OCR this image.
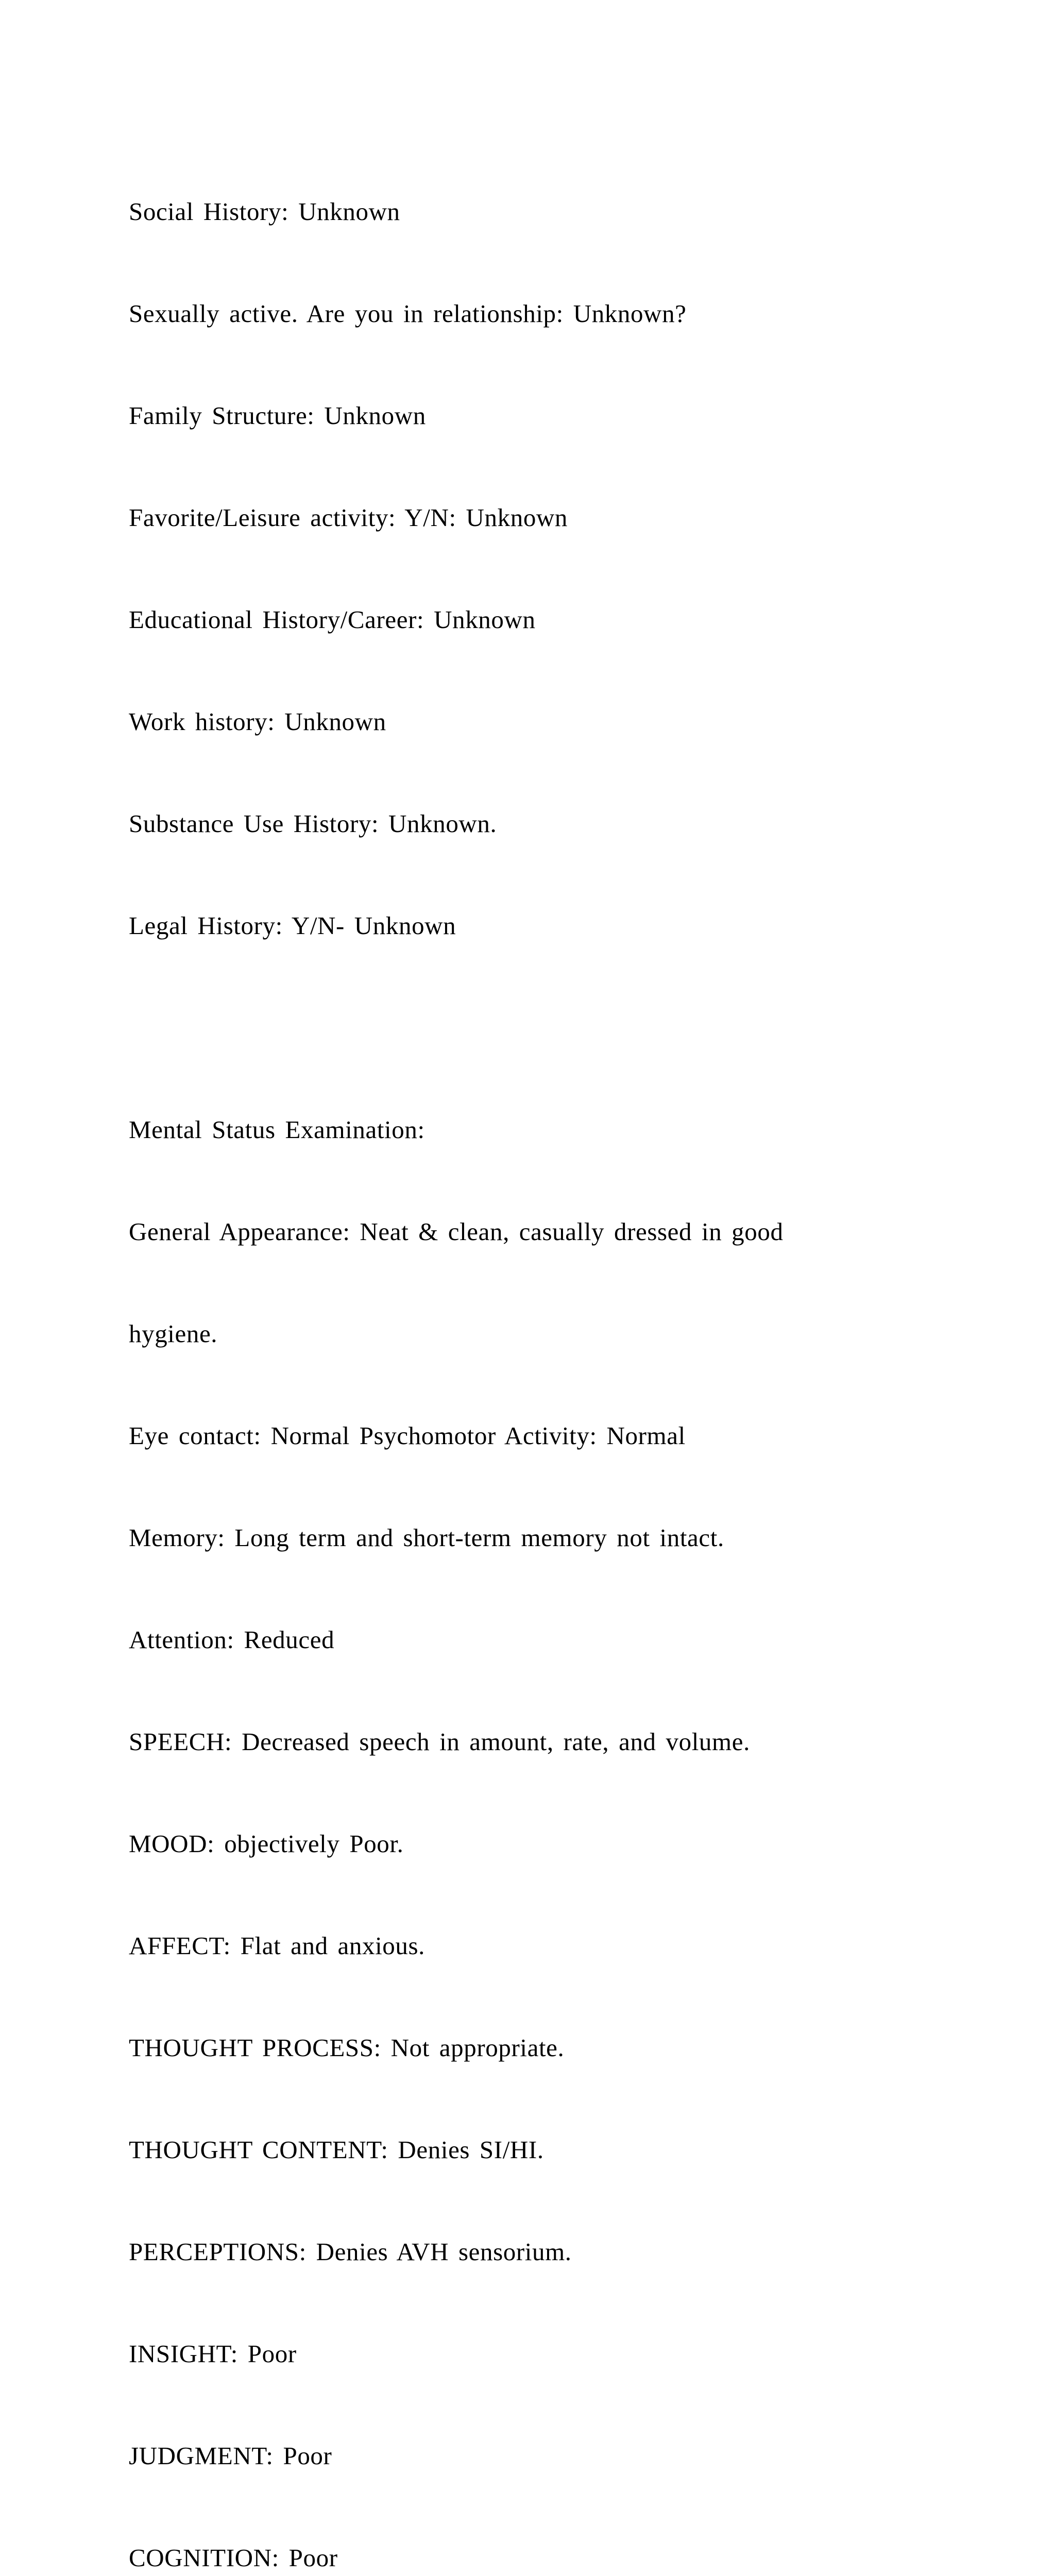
Social History: Unknown

Sexually active. Are you in relationship: Unknown?

Family Structure: Unknown

Favorite/Leisure activity: Y/N: Unknown

Educational History/Career: Unknown

Work history: Unknown

Substance Use History: Unknown.

Legal History: Y/N- Unknown

Mental Status Examination:

General Appearance: Neat & clean, casually dressed in good

hygiene.

Eye contact: Normal Psychomotor Activity: Normal

Memory: Long term and short-term memory not intact.

Attention: Reduced

SPEECH: Decreased speech in amount, rate, and volume.

MOOD: objectively Poor.

AFFECT: Flat and anxious.

THOUGHT PROCESS: Not appropriate.

THOUGHT CONTENT: Denies SI/HI.

PERCEPTIONS: Denies AVH sensorium.

INSIGHT: Poor

JUDGMENT: Poor

COGNITION: Poor
